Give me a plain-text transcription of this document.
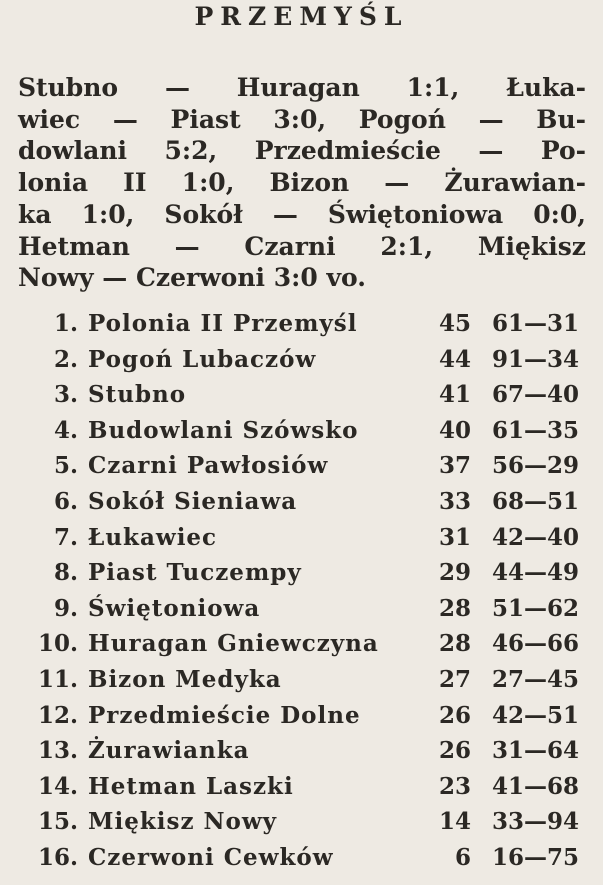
PRZEMYŚL
Stubno — Huragan 1:1, Łuka-
wiec — Piast 3:0, Pogoń — Bu-
dowlani 5:2, Przedmieście — Po-
lonia II 1:0, Bizon — Żurawian-
ka 1:0, Sokół — Świętoniowa 0:0,
Hetman — Czarni 2:1, Miękisz
Nowy — Czerwoni 3:0 vo.
1. Polonia II Przemyśl	45 61—31
2. Pogoń Lubaczów	44 91—34
3. Stubno	41 67—40
4. Budowlani Szówsko	40 61—35
5. Czarni Pawłosiów	37 56—29
6. Sokół Sieniawa	33 68—51
7. Łukawiec	31 42—40
8. Piast Tuczempy	29 44—49
9. Świętoniowa	28 51—62
10. Huragan Gniewczyna	28 46—66
11. Bizon Medyka	27 27—45
12. Przedmieście Dolne	26 42—51
13. Żurawianka	26 31—64
14. Hetman Laszki	23 41—68
15. Miękisz Nowy	14 33—94
16. Czerwoni Cewków	6 16—75
